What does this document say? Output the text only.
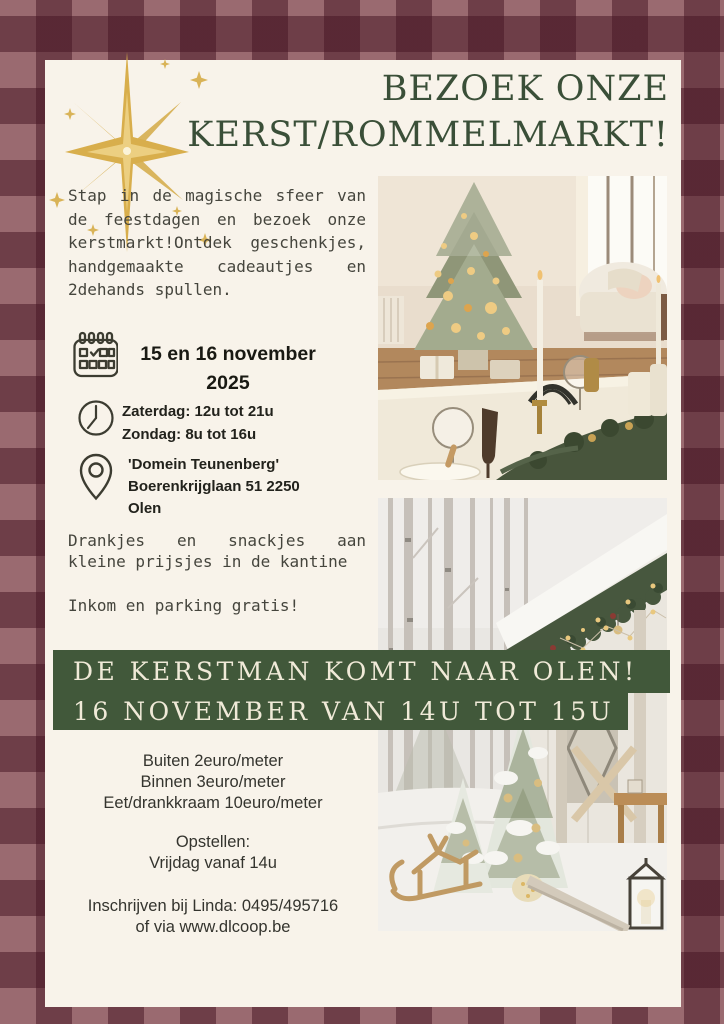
BEZOEK ONZE
KERST/ROMMELMARKT!

Stap in de magische sfeer van de feestdagen en bezoek onze kerstmarkt!Ontdek geschenkjes, handgemaakte cadeautjes en 2dehands spullen.

15 en 16 november
2025
Zaterdag: 12u tot 21u
Zondag: 8u tot 16u
'Domein Teunenberg'
Boerenkrijglaan 51 2250
Olen

Drankjes en snackjes aan kleine prijsjes in de kantine

Inkom en parking gratis!

DE KERSTMAN KOMT NAAR OLEN!
16 NOVEMBER VAN 14U TOT 15U
Buiten 2euro/meter
Binnen 3euro/meter
Eet/drankkraam 10euro/meter
Opstellen:
Vrijdag vanaf 14u
Inschrijven bij Linda: 0495/495716
of via www.dlcoop.be
